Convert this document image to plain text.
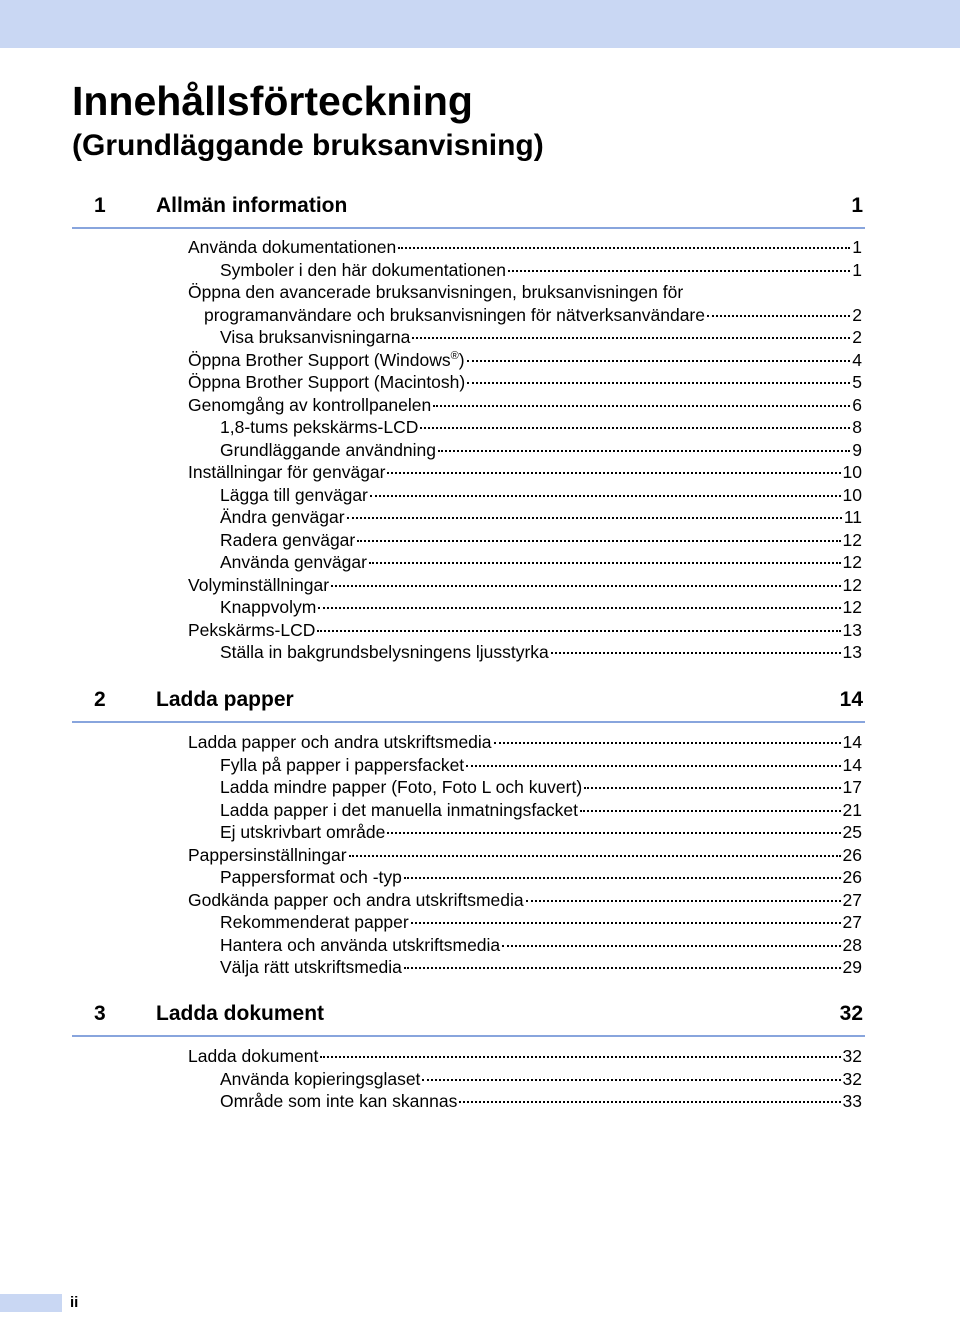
Innehållsförteckning
(Grundläggande bruksanvisning)
1 Allmän information	1
Använda dokumentationen	1
Symboler i den här dokumentationen	1
Öppna den avancerade bruksanvisningen, bruksanvisningen för
programanvändare och bruksanvisningen för nätverksanvändare	2
Visa bruksanvisningarna	2
Öppna Brother Support (Windows®)	4
Öppna Brother Support (Macintosh)	5
Genomgång av kontrollpanelen	6
1,8-tums pekskärms-LCD	8
Grundläggande användning	9
Inställningar för genvägar	10
Lägga till genvägar	10
Ändra genvägar	11
Radera genvägar	12
Använda genvägar	12
Volyminställningar	12
Knappvolym	12
Pekskärms-LCD	13
Ställa in bakgrundsbelysningens ljusstyrka	13
2 Ladda papper	14
Ladda papper och andra utskriftsmedia	14
Fylla på papper i pappersfacket	14
Ladda mindre papper (Foto, Foto L och kuvert)	17
Ladda papper i det manuella inmatningsfacket	21
Ej utskrivbart område	25
Pappersinställningar	26
Pappersformat och -typ	26
Godkända papper och andra utskriftsmedia	27
Rekommenderat papper	27
Hantera och använda utskriftsmedia	28
Välja rätt utskriftsmedia	29
3 Ladda dokument	32
Ladda dokument	32
Använda kopieringsglaset	32
Område som inte kan skannas	33
ii
